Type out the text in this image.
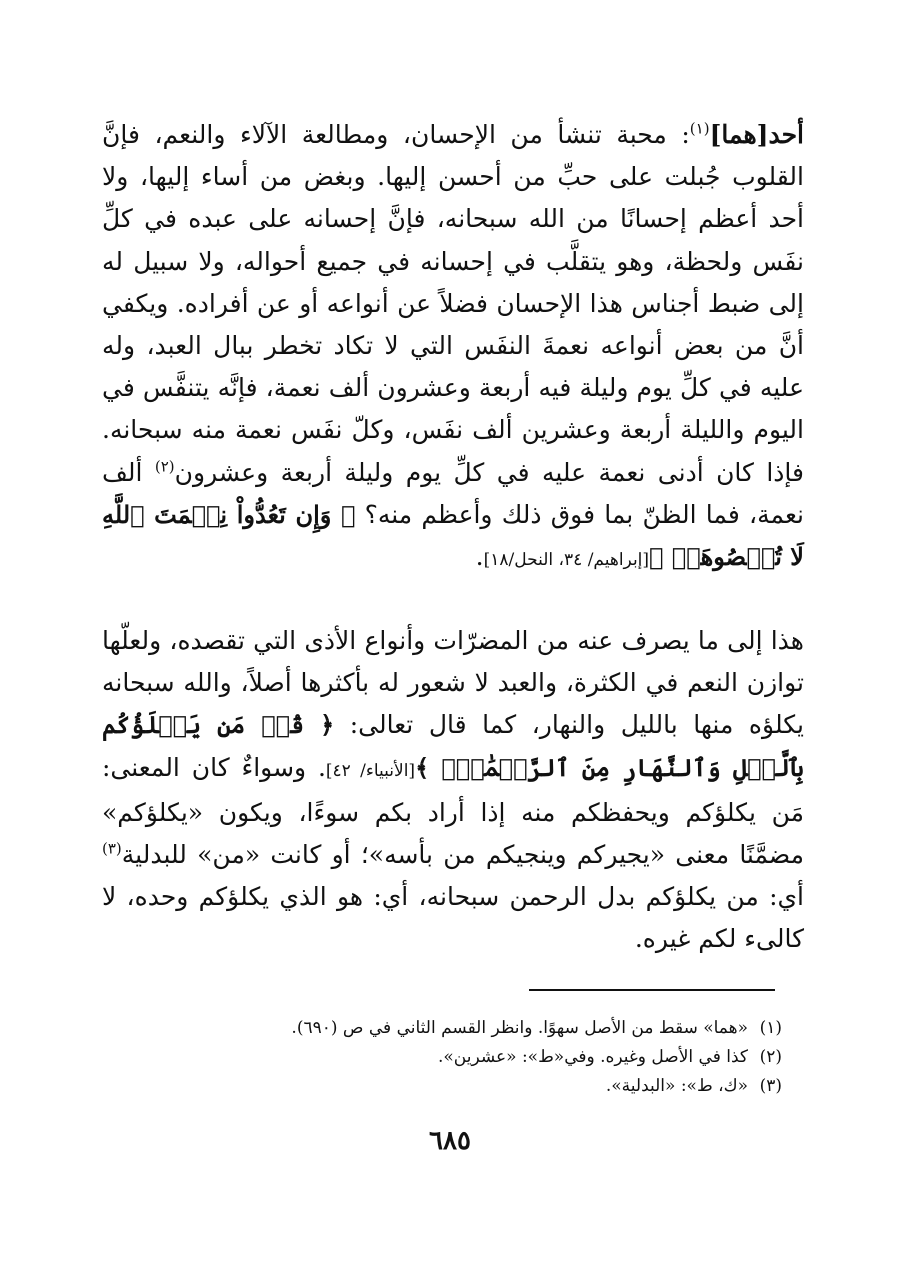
أحد[هما]$^{(١)}$: محبة تنشأ من الإحسان، ومطالعة الآلاء والنعم، فإنَّ القلوب جُبلت على حبِّ من أحسن إليها. وبغض من أساء إليها، ولا أحد أعظم إحسانًا من الله سبحانه، فإنَّ إحسانه على عبده في كلِّ نفَس ولحظة، وهو يتقلَّب في إحسانه في جميع أحواله، ولا سبيل له إلى ضبط أجناس هذا الإحسان فضلاً عن أنواعه أو عن أفراده. ويكفي أنَّ من بعض أنواعه نعمةَ النفَس التي لا تكاد تخطر ببال العبد، وله عليه في كلِّ يوم وليلة فيه أربعة وعشرون ألف نعمة، فإنَّه يتنفَّس في اليوم والليلة أربعة وعشرين ألف نفَس، وكلّ نفَس نعمة منه سبحانه. فإذا كان أدنى نعمة عليه في كلِّ يوم وليلة أربعة وعشرون$^{(٢)}$ ألف نعمة، فما الظنّ بما فوق ذلك وأعظم منه؟ ﴿ وَإِن تَعُدُّواْ نِعۡمَتَ ٱللَّهِ لَا تُحۡصُوهَآۗ ﴾[إبراهيم/ ٣٤، النحل/١٨].

هذا إلى ما يصرف عنه من المضرّات وأنواع الأذى التي تقصده، ولعلّها توازن النعم في الكثرة، والعبد لا شعور له بأكثرها أصلاً، والله سبحانه يكلؤه منها بالليل والنهار، كما قال تعالى: ﴿ قُلۡ مَن يَكۡلَؤُكُم بِٱلَّيۡلِ وَٱلنَّهَارِ مِنَ ٱلرَّحۡمَٰنِۗ ﴾[الأنبياء/ ٤٢]. وسواءٌ كان المعنى: مَن يكلؤكم ويحفظكم منه إذا أراد بكم سوءًا، ويكون «يكلؤكم» مضمَّنًا معنى «يجيركم وينجيكم من بأسه»؛ أو كانت «من» للبدلية$^{(٣)}$ أي: من يكلؤكم بدل الرحمن سبحانه، أي: هو الذي يكلؤكم وحده، لا كالىء لكم غيره.

(١)«هما» سقط من الأصل سهوًا. وانظر القسم الثاني في ص (٦٩٠).
(٢)كذا في الأصل وغيره. وفي«ط»: «عشرين».
(٣)«ك، ط»: «البدلية».
٦٨٥
